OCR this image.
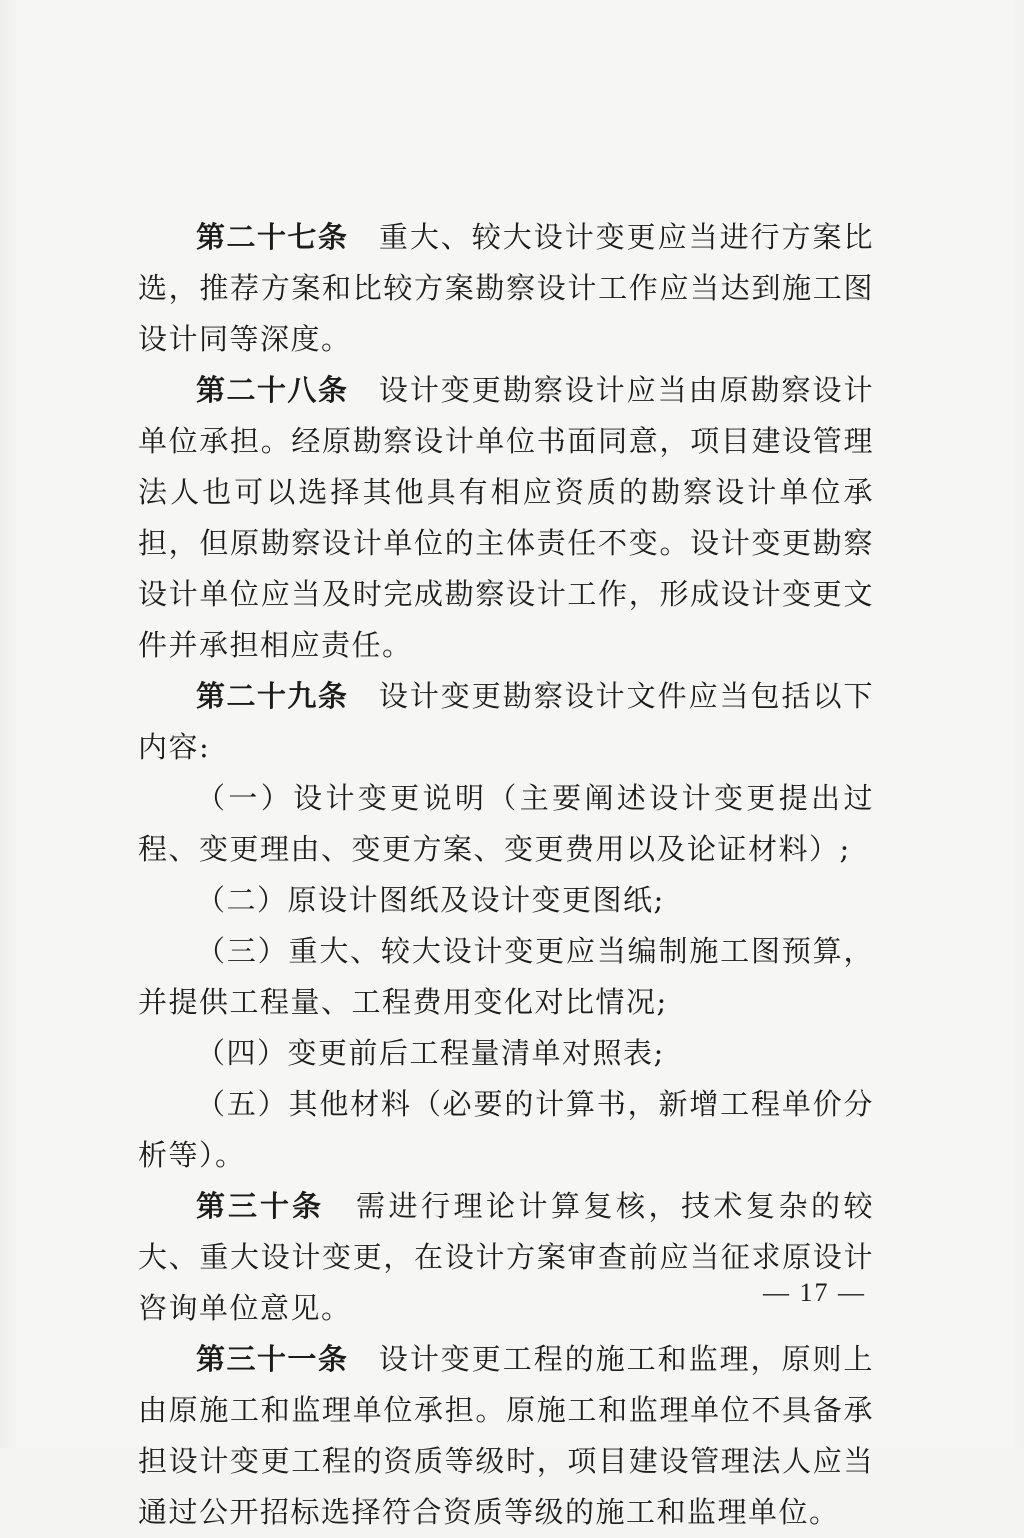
第二十七条 重大、较大设计变更应当进行方案比选，推荐方案和比较方案勘察设计工作应当达到施工图设计同等深度。

第二十八条 设计变更勘察设计应当由原勘察设计单位承担。经原勘察设计单位书面同意，项目建设管理法人也可以选择其他具有相应资质的勘察设计单位承担，但原勘察设计单位的主体责任不变。设计变更勘察设计单位应当及时完成勘察设计工作，形成设计变更文件并承担相应责任。

第二十九条 设计变更勘察设计文件应当包括以下内容:

（一）设计变更说明（主要阐述设计变更提出过程、变更理由、变更方案、变更费用以及论证材料）;

（二）原设计图纸及设计变更图纸;

（三）重大、较大设计变更应当编制施工图预算，并提供工程量、工程费用变化对比情况;

（四）变更前后工程量清单对照表;

（五）其他材料（必要的计算书，新增工程单价分析等）。

第三十条 需进行理论计算复核，技术复杂的较大、重大设计变更，在设计方案审查前应当征求原设计咨询单位意见。

第三十一条 设计变更工程的施工和监理，原则上由原施工和监理单位承担。原施工和监理单位不具备承担设计变更工程的资质等级时，项目建设管理法人应当通过公开招标选择符合资质等级的施工和监理单位。

— 17 —
